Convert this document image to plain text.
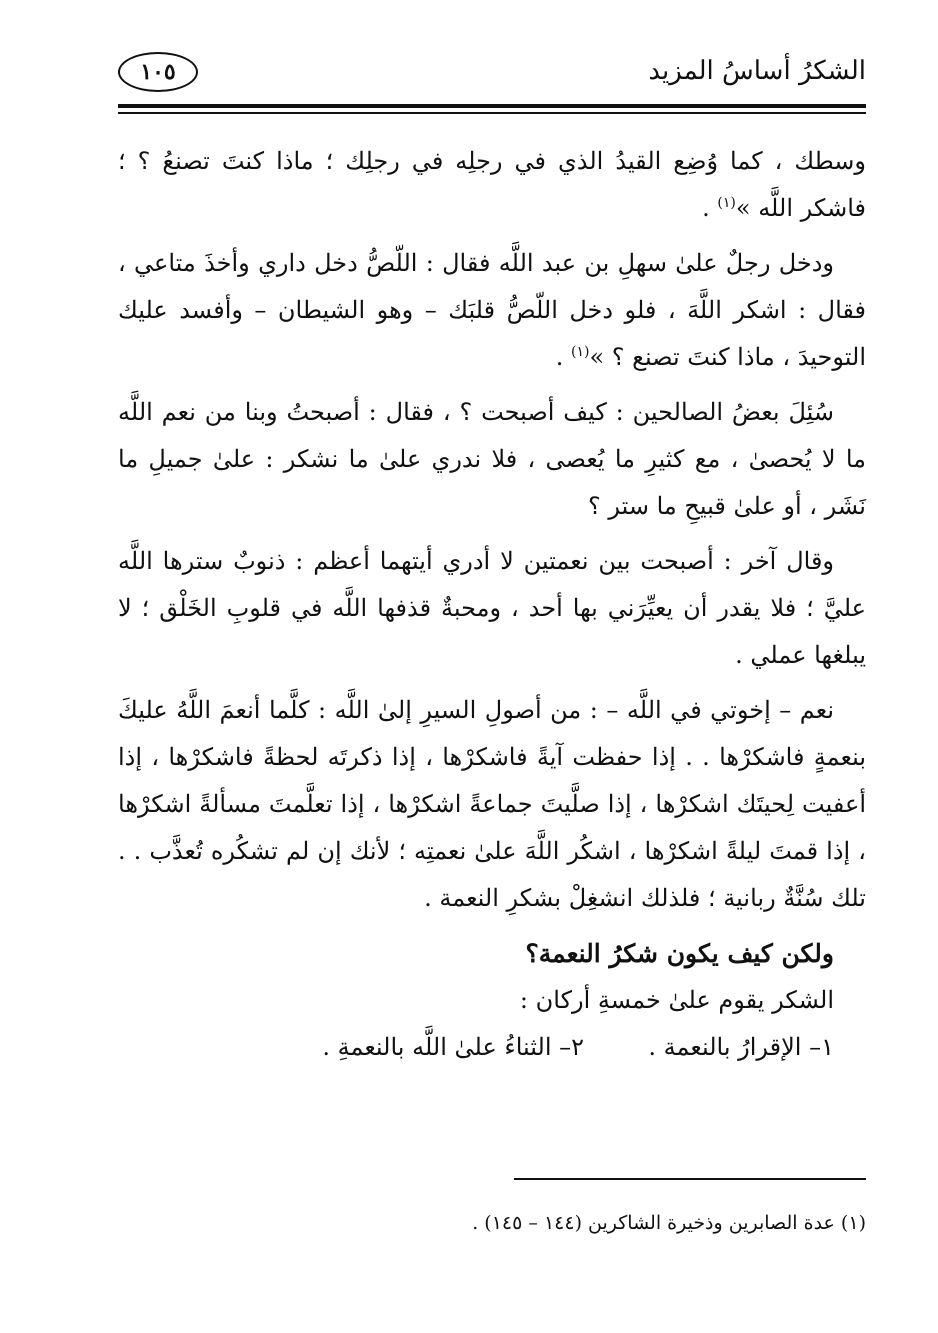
الشكرُ أساسُ المزيد
١٠٥

وسطك ، كما وُضِع القيدُ الذي في رجلِه في رجلِك ؛ ماذا كنتَ تصنعُ ؟ ؛ فاشكر اللَّه »$^{(١)}$ .

ودخل رجلٌ علىٰ سهلِ بن عبد اللَّه فقال : اللّصُّ دخل داري وأخذَ متاعي ، فقال : اشكر اللَّهَ ، فلو دخل اللّصُّ قلبَك – وهو الشيطان – وأفسد عليك التوحيدَ ، ماذا كنتَ تصنع ؟ »$^{(١)}$ .

سُئِلَ بعضُ الصالحين : كيف أصبحت ؟ ، فقال : أصبحتُ وبنا من نعم اللَّه ما لا يُحصىٰ ، مع كثيرِ ما يُعصى ، فلا ندري علىٰ ما نشكر : علىٰ جميلِ ما نَشَر ، أو علىٰ قبيحِ ما ستر ؟

وقال آخر : أصبحت بين نعمتين لا أدري أيتهما أعظم : ذنوبٌ سترها اللَّه عليَّ ؛ فلا يقدر أن يعيِّرَني بها أحد ، ومحبةٌ قذفها اللَّه في قلوبِ الخَلْق ؛ لا يبلغها عملي .

نعم – إخوتي في اللَّه – : من أصولِ السيرِ إلىٰ اللَّه : كلَّما أنعمَ اللَّهُ عليكَ بنعمةٍ فاشكرْها . . إذا حفظت آيةً فاشكرْها ، إذا ذكرتَه لحظةً فاشكرْها ، إذا أعفيت لِحيتَك اشكرْها ، إذا صلَّيتَ جماعةً اشكرْها ، إذا تعلَّمتَ مسألةً اشكرْها ، إذا قمتَ ليلةً اشكرْها ، اشكُر اللَّهَ علىٰ نعمتِه ؛ لأنك إن لم تشكُره تُعذَّب . . تلك سُنَّةٌ ربانية ؛ فلذلك انشغِلْ بشكرِ النعمة .

ولكن كيف يكون شكرُ النعمة؟
الشكر يقوم علىٰ خمسةِ أركان :
١– الإقرارُ بالنعمة .
٢– الثناءُ علىٰ اللَّه بالنعمةِ .
(١) عدة الصابرين وذخيرة الشاكرين (١٤٤ – ١٤٥) .
